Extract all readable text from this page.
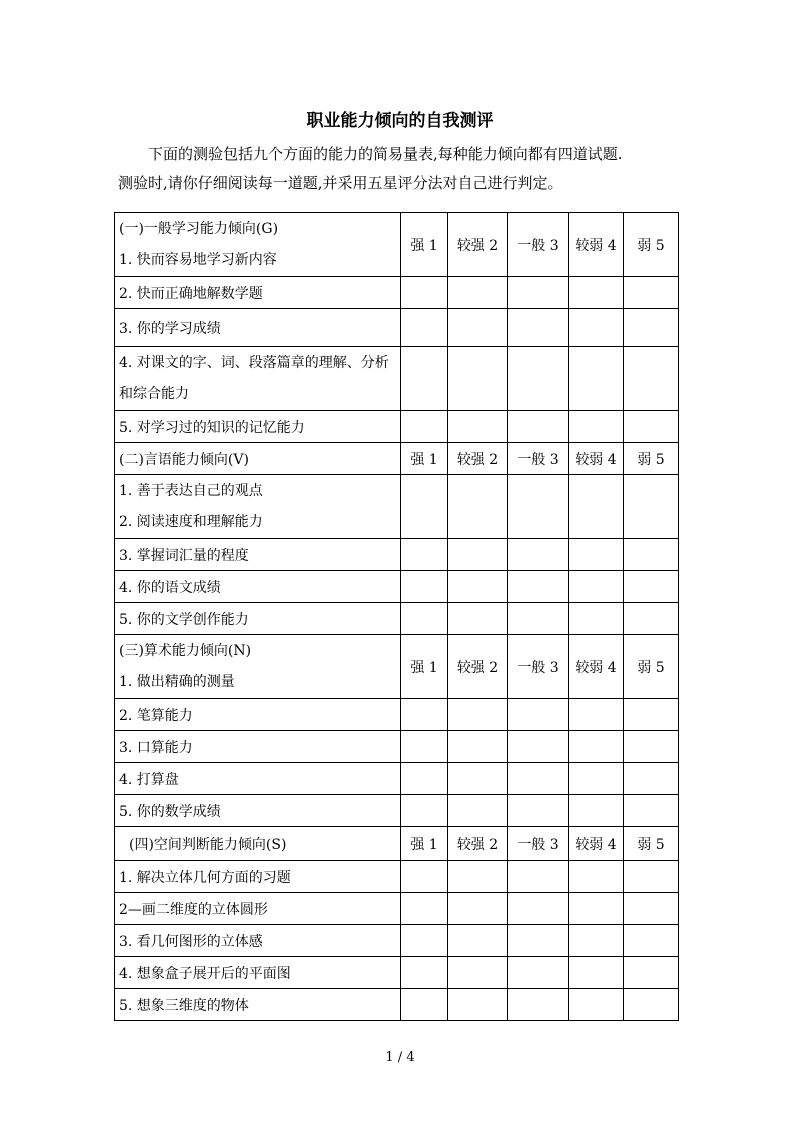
职业能力倾向的自我测评
下面的测验包括九个方面的能力的简易量表,每种能力倾向都有四道试题.
测验时,请你仔细阅读每一道题,并采用五星评分法对自己进行判定。
(一)一般学习能力倾向(G)
1. 快而容易地学习新内容	强 1	较强 2	一般 3	较弱 4	弱 5
2. 快而正确地解数学题					
3. 你的学习成绩					
4. 对课文的字、词、段落篇章的理解、分析和综合能力					
5. 对学习过的知识的记忆能力					
(二)言语能力倾向(V)	强 1	较强 2	一般 3	较弱 4	弱 5

1. 善于表达自己的观点
2. 阅读速度和理解能力					

3. 掌握词汇量的程度					
4. 你的语文成绩					
5. 你的文学创作能力					

(三)算术能力倾向(N)
1. 做出精确的测量	强 1	较强 2	一般 3	较弱 4	弱 5
2. 笔算能力					
3. 口算能力					
4. 打算盘					
5. 你的数学成绩					
(四)空间判断能力倾向(S)	强 1	较强 2	一般 3	较弱 4	弱 5
1. 解决立体几何方面的习题					
2—画二维度的立体圆形					
3. 看几何图形的立体感					
4. 想象盒子展开后的平面图					
5. 想象三维度的物体					
1 / 4
